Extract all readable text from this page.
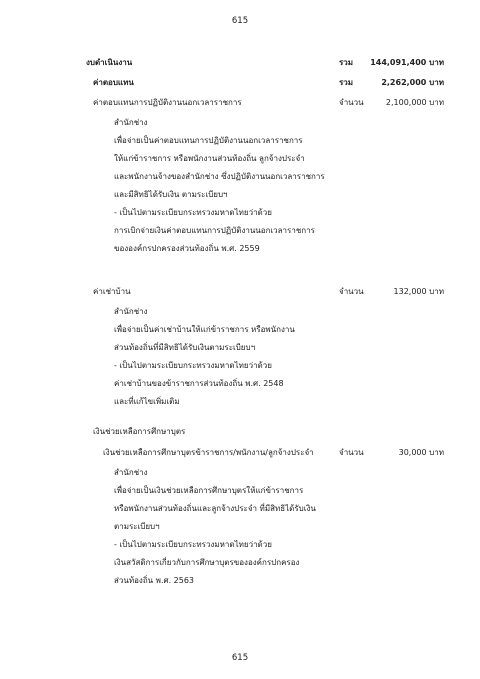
615
งบดำเนินงาน	รวม	144,091,400 บาท
ค่าตอบแทน	รวม	2,262,000 บาท
ค่าตอบแทนการปฏิบัติงานนอกเวลาราชการ	จำนวน	2,100,000 บาท
สำนักช่าง
เพื่อจ่ายเป็นค่าตอบแทนการปฏิบัติงานนอกเวลาราชการ
ให้แก่ข้าราชการ หรือพนักงานส่วนท้องถิ่น ลูกจ้างประจำ
และพนักงานจ้างของสำนักช่าง ซึ่งปฏิบัติงานนอกเวลาราชการ
และมีสิทธิได้รับเงิน ตามระเบียบฯ
- เป็นไปตามระเบียบกระทรวงมหาดไทยว่าด้วย
การเบิกจ่ายเงินค่าตอบแทนการปฏิบัติงานนอกเวลาราชการ
ขององค์กรปกครองส่วนท้องถิ่น พ.ศ. 2559
ค่าเช่าบ้าน	จำนวน	132,000 บาท
สำนักช่าง
เพื่อจ่ายเป็นค่าเช่าบ้านให้แก่ข้าราชการ หรือพนักงาน
ส่วนท้องถิ่นที่มีสิทธิได้รับเงินตามระเบียบฯ
- เป็นไปตามระเบียบกระทรวงมหาดไทยว่าด้วย
ค่าเช่าบ้านของข้าราชการส่วนท้องถิ่น พ.ศ. 2548
และที่แก้ไขเพิ่มเติม
เงินช่วยเหลือการศึกษาบุตร
เงินช่วยเหลือการศึกษาบุตรข้าราชการ/พนักงาน/ลูกจ้างประจำ	จำนวน	30,000 บาท
สำนักช่าง
เพื่อจ่ายเป็นเงินช่วยเหลือการศึกษาบุตรให้แก่ข้าราชการ
หรือพนักงานส่วนท้องถิ่นและลูกจ้างประจำ ที่มีสิทธิได้รับเงิน
ตามระเบียบฯ
- เป็นไปตามระเบียบกระทรวงมหาดไทยว่าด้วย
เงินสวัสดิการเกี่ยวกับการศึกษาบุตรขององค์กรปกครอง
ส่วนท้องถิ่น พ.ศ. 2563
615
